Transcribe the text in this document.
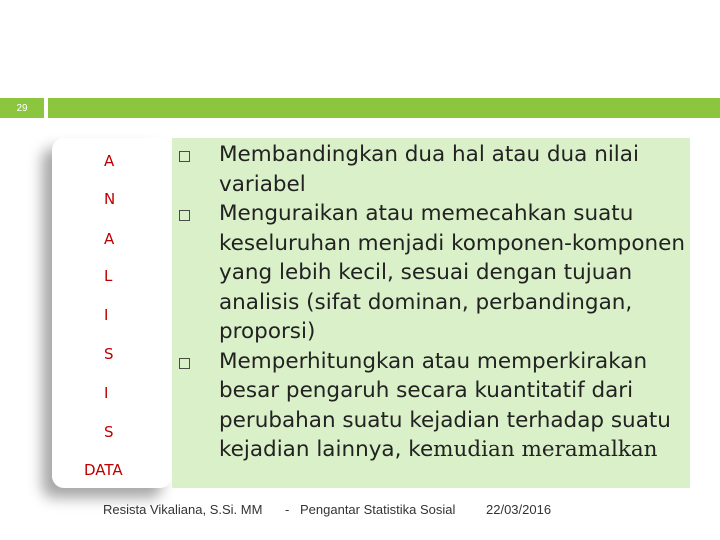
29
A
N
A
L
I
S
I
S
DATA
Membandingkan dua hal atau dua nilai variabel
Menguraikan atau memecahkan suatu keseluruhan menjadi komponen-komponen yang lebih kecil, sesuai dengan tujuan analisis (sifat dominan, perbandingan, proporsi)
Memperhitungkan atau memperkirakan besar pengaruh secara kuantitatif dari perubahan suatu kejadian terhadap suatu kejadian lainnya, kemudian meramalkan
Resista Vikaliana, S.Si. MM - Pengantar Statistika Sosial 22/03/2016
